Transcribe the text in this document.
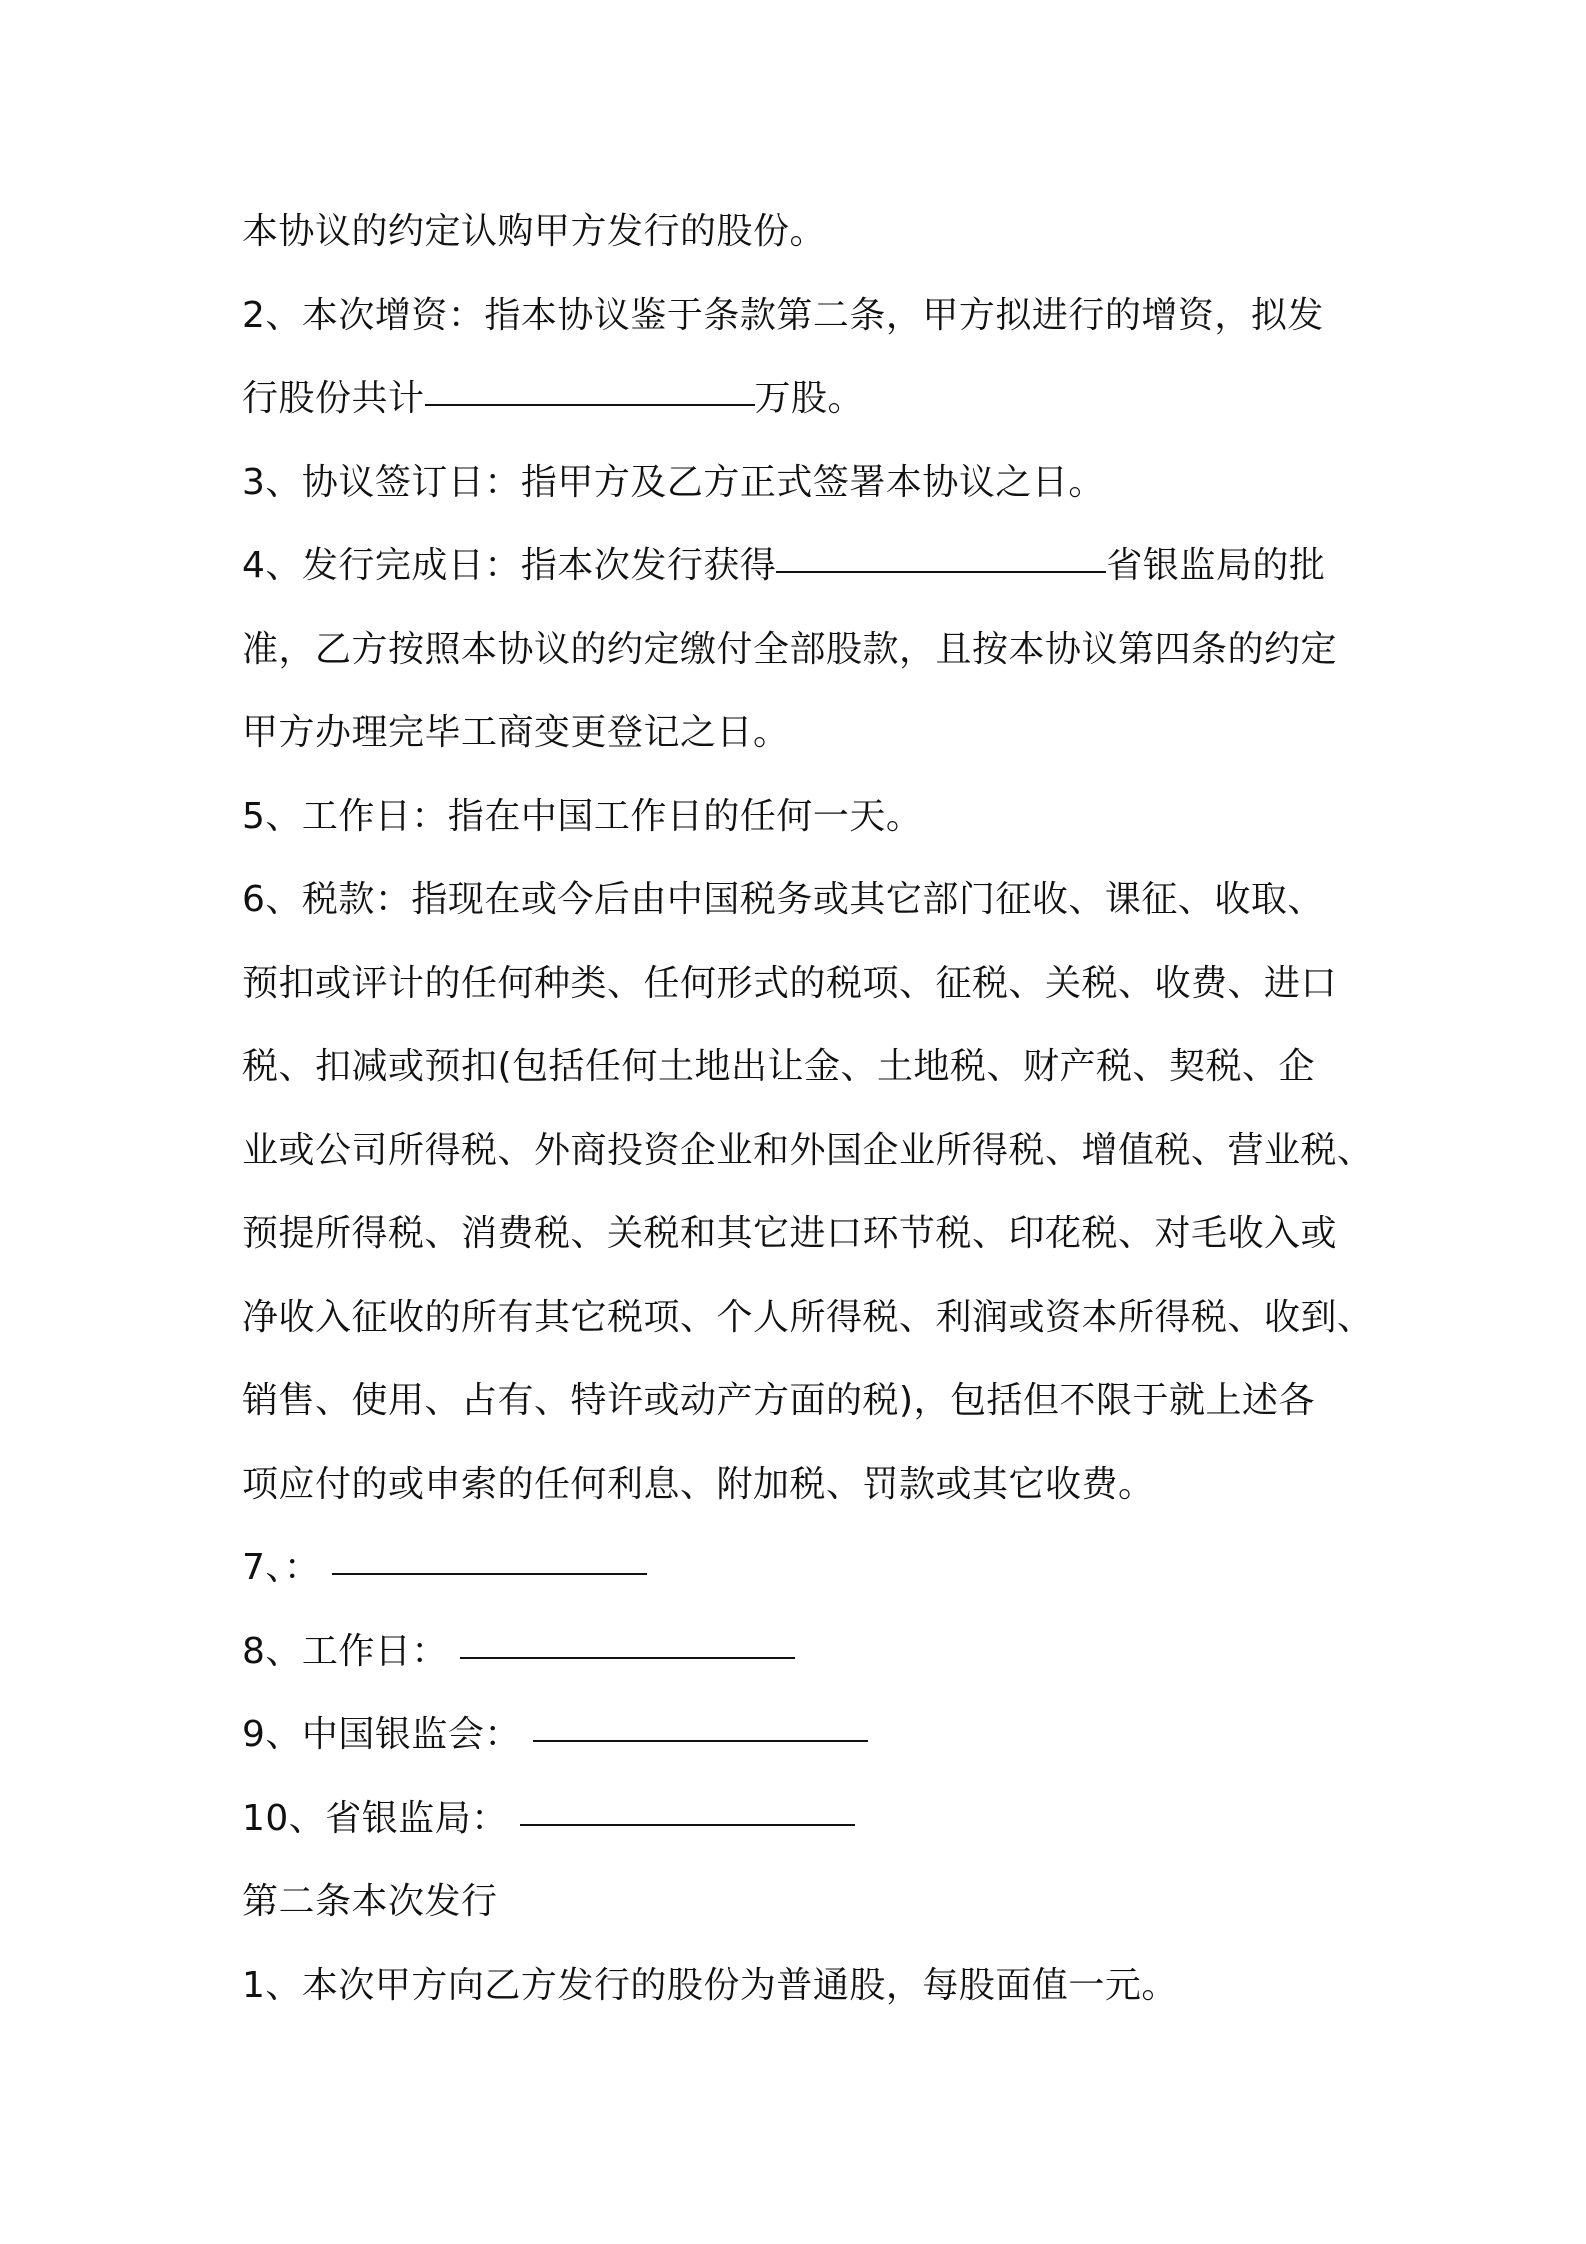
本协议的约定认购甲方发行的股份。
2、本次增资：指本协议鉴于条款第二条，甲方拟进行的增资，拟发
行股份共计	万股。
3、协议签订日：指甲方及乙方正式签署本协议之日。
4、发行完成日：指本次发行获得	省银监局的批
准，乙方按照本协议的约定缴付全部股款，且按本协议第四条的约定
甲方办理完毕工商变更登记之日。
5、工作日：指在中国工作日的任何一天。
6、税款：指现在或今后由中国税务或其它部门征收、课征、收取、
预扣或评计的任何种类、任何形式的税项、征税、关税、收费、进口
税、扣减或预扣(包括任何土地出让金、土地税、财产税、契税、企
业或公司所得税、外商投资企业和外国企业所得税、增值税、营业税、
预提所得税、消费税、关税和其它进口环节税、印花税、对毛收入或
净收入征收的所有其它税项、个人所得税、利润或资本所得税、收到、
销售、使用、占有、特许或动产方面的税)，包括但不限于就上述各
项应付的或申索的任何利息、附加税、罚款或其它收费。
7、：
8、工作日：
9、中国银监会：
10、省银监局：
第二条本次发行
1、本次甲方向乙方发行的股份为普通股，每股面值一元。
